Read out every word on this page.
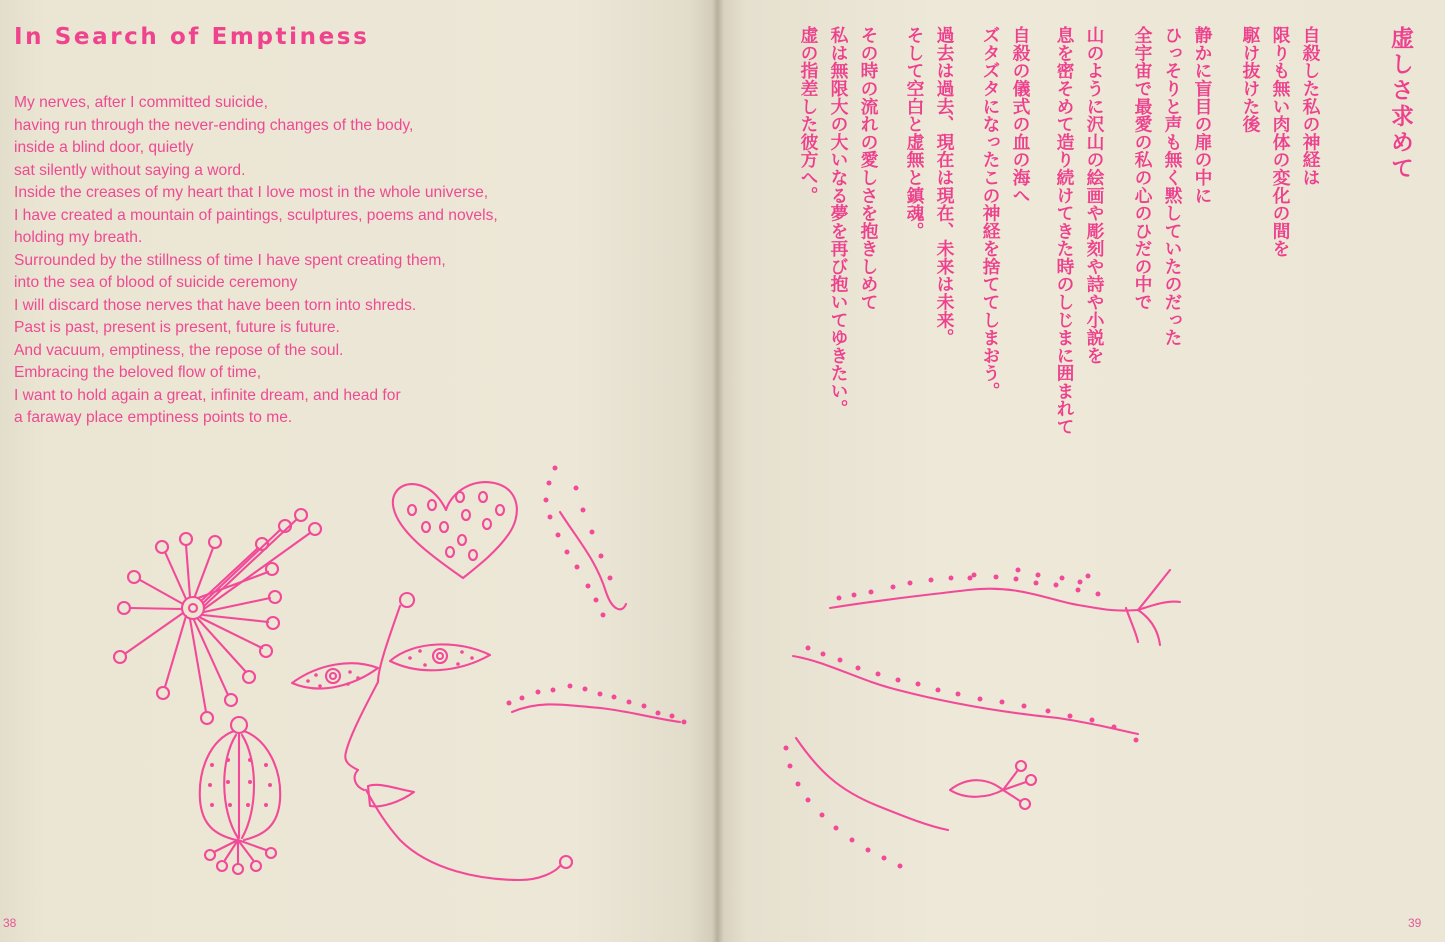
In Search of Emptiness
My nerves, after I committed suicide,
having run through the never-ending changes of the body,
inside a blind door, quietly
sat silently without saying a word.
Inside the creases of my heart that I love most in the whole universe,
I have created a mountain of paintings, sculptures, poems and novels,
holding my breath.
Surrounded by the stillness of time I have spent creating them,
into the sea of blood of suicide ceremony
I will discard those nerves that have been torn into shreds.
Past is past, present is present, future is future.
And vacuum, emptiness, the repose of the soul.
Embracing the beloved flow of time,
I want to hold again a great, infinite dream, and head for
a faraway place emptiness points to me.
38
虚しさ求めて
自殺した私の神経は
限りも無い肉体の変化の間を
駆け抜けた後
静かに盲目の扉の中に
ひっそりと声も無く黙していたのだった
全宇宙で最愛の私の心のひだの中で
山のように沢山の絵画や彫刻や詩や小説を
息を密そめて造り続けてきた時のしじまに囲まれて
自殺の儀式の血の海へ
ズタズタになったこの神経を捨ててしまおう。
過去は過去、現在は現在、未来は未来。
そして空白と虚無と鎮魂。
その時の流れの愛しさを抱きしめて
私は無限大の大いなる夢を再び抱いてゆきたい。
虚の指差した彼方へ。
39
